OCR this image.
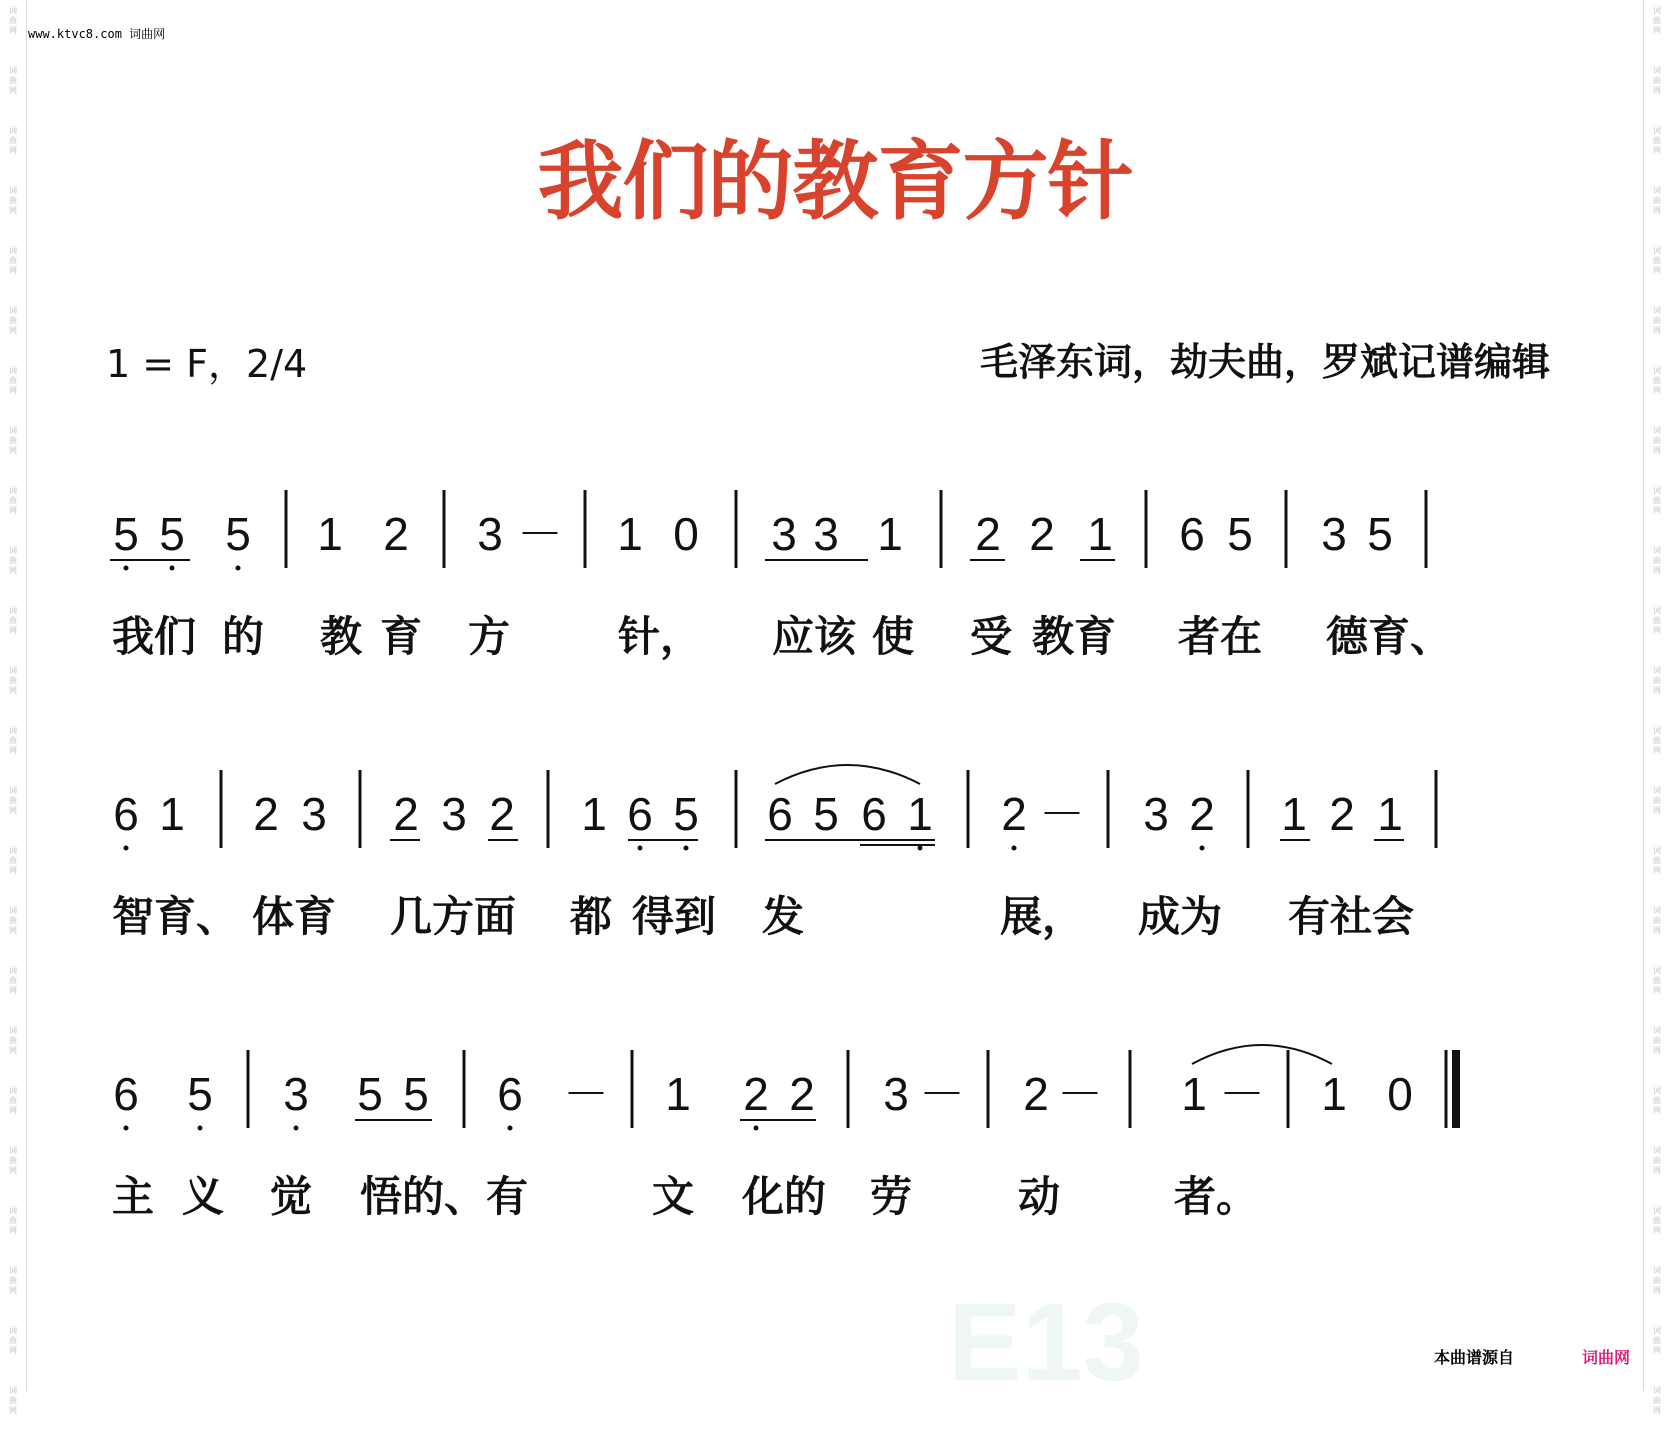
词
曲
网
词
曲
网
词
曲
网
词
曲
网
词
曲
网
词
曲
网
词
曲
网
词
曲
网
词
曲
网
词
曲
网
词
曲
网
词
曲
网
词
曲
网
词
曲
网
词
曲
网
词
曲
网
词
曲
网
词
曲
网
词
曲
网
词
曲
网
词
曲
网
词
曲
网
词
曲
网
词
曲
网
词
曲
网
词
曲
网
词
曲
网
词
曲
网
词
曲
网
词
曲
网
词
曲
网
词
曲
网
词
曲
网
词
曲
网
词
曲
网
词
曲
网
词
曲
网
词
曲
网
词
曲
网
词
曲
网
词
曲
网
词
曲
网
词
曲
网
词
曲
网
词
曲
网
词
曲
网
词
曲
网
词
曲
网
www.ktvc8.com 词曲网
我们的教育方针
1 = F，2/4	毛泽东词，劫夫曲，罗斌记谱编辑
5 5 5 1 2 3 － 1 0 3 3 1 2 2 1 6 5 3 5
我们 的 教 育 方	针， 应该 使 受 教育 者在 德育、
6 1 2 3 2 3 2 1 6 5 6 5 6 1 2 － 3 2 1 2 1
智育、 体育 几方面 都 得到 发	展， 成为 有社会
6 5 3 5 5 6 － 1 2 2 3 － 2 － 1 － 1 0
主 义 觉 悟的、有	文 化的 劳	动	者。
E13	本曲谱源自	词曲网
